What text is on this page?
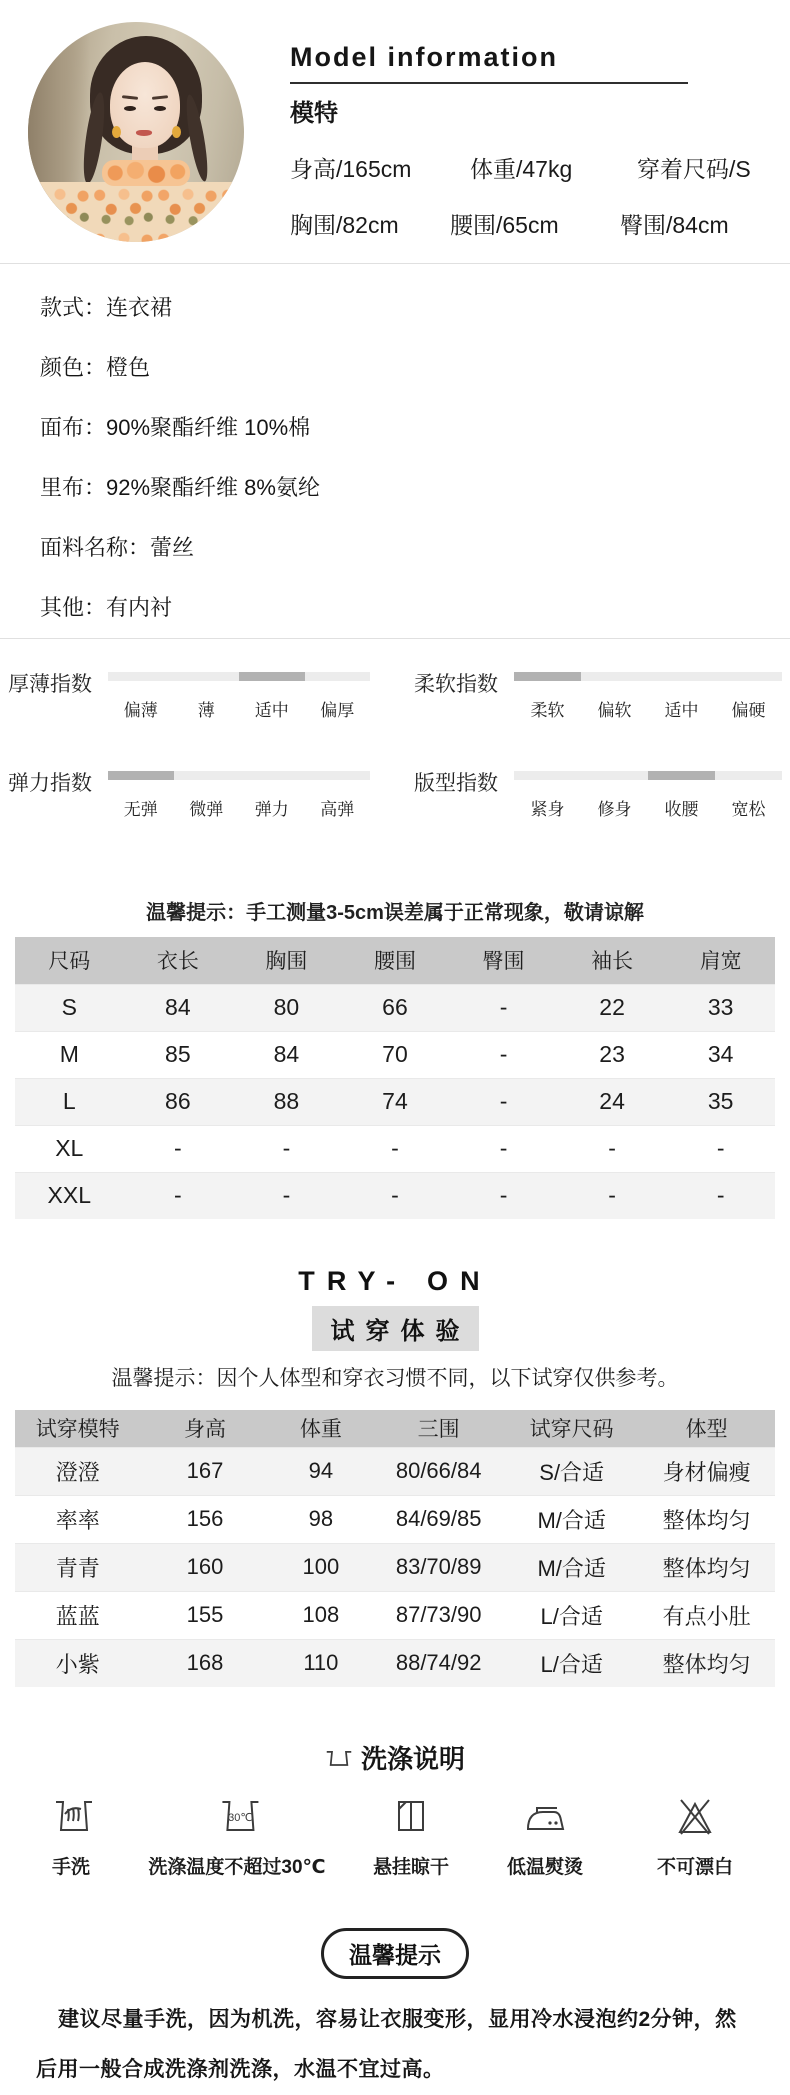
Model information
模特
身高/165cm	体重/47kg	穿着尺码/S
胸围/82cm	腰围/65cm	臀围/84cm
款式：连衣裙
颜色：橙色
面布：90%聚酯纤维 10%棉
里布：92%聚酯纤维 8%氨纶
面料名称：蕾丝
其他：有内衬
厚薄指数
偏薄	薄	适中	偏厚
柔软指数
柔软	偏软	适中	偏硬
弹力指数
无弹	微弹	弹力	高弹
版型指数
紧身	修身	收腰	宽松
温馨提示：手工测量3-5cm误差属于正常现象，敬请谅解
尺码	衣长	胸围	腰围	臀围	袖长	肩宽
S	84	80	66	-	22	33
M	85	84	70	-	23	34
L	86	88	74	-	24	35
XL	-	-	-	-	-	-
XXL	-	-	-	-	-	-
TRY- ON
试穿体验
温馨提示：因个人体型和穿衣习惯不同，以下试穿仅供参考。
试穿模特	身高	体重	三围	试穿尺码	体型
澄澄	167	94	80/66/84	S/合适	身材偏瘦
率率	156	98	84/69/85	M/合适	整体均匀
青青	160	100	83/70/89	M/合适	整体均匀
蓝蓝	155	108	87/73/90	L/合适	有点小肚
小紫	168	110	88/74/92	L/合适	整体均匀
洗涤说明
手洗
30℃
洗涤温度不超过30℃ 悬挂晾干	低温熨烫	不可漂白
温馨提示

建议尽量手洗，因为机洗，容易让衣服变形，显用冷水浸泡约2分钟，然后用一般合成洗涤剂洗涤，水温不宜过高。
